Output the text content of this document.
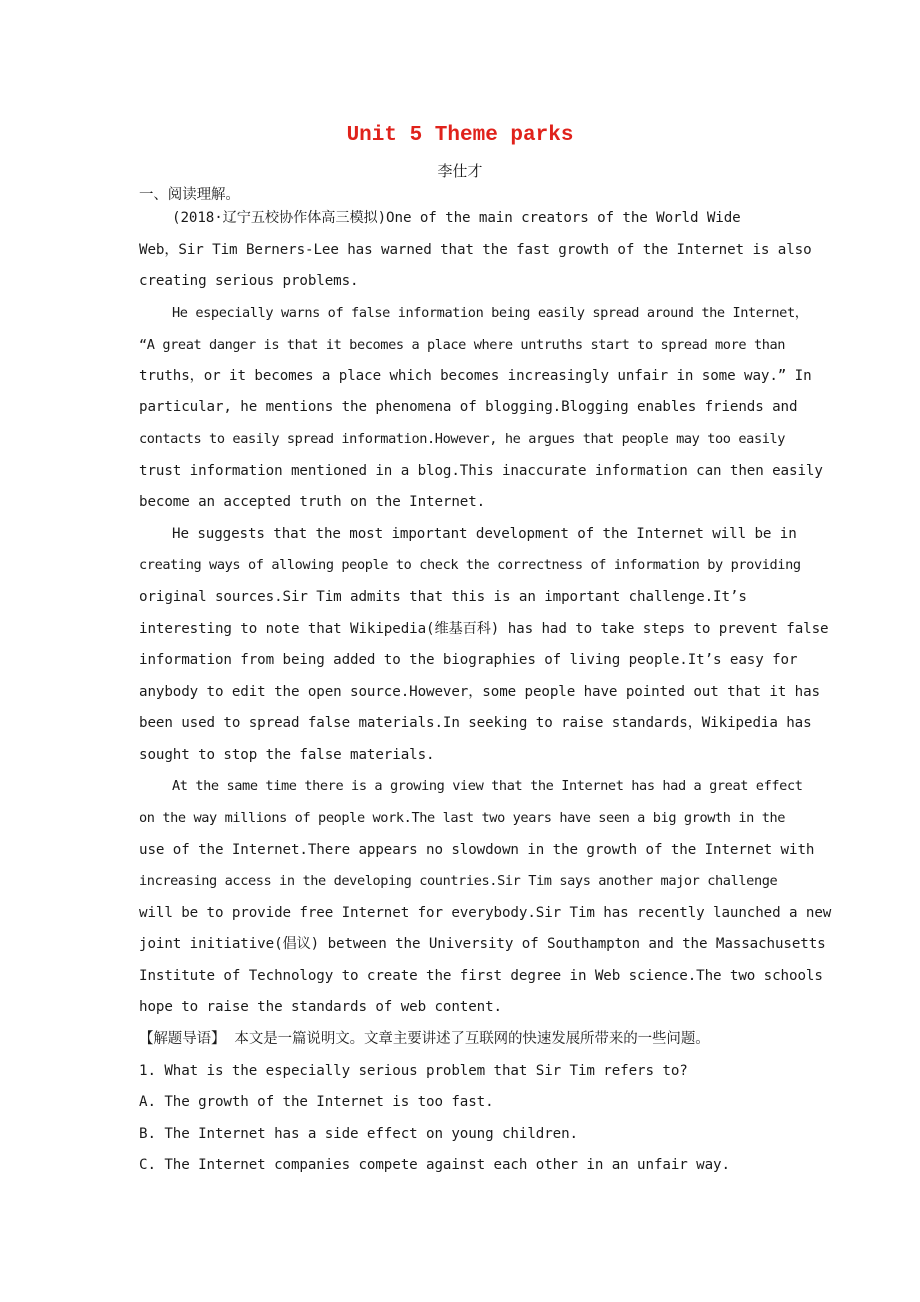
Unit 5 Theme parks
李仕才
一、阅读理解。
(2018·辽宁五校协作体高三模拟)One of the main creators of the World Wide
Web，Sir Tim Berners-Lee has warned that the fast growth of the Internet is also
creating serious problems.
He especially warns of false information being easily spread around the Internet，
“A great danger is that it becomes a place where untruths start to spread more than
truths，or it becomes a place which becomes increasingly unfair in some way.” In
particular, he mentions the phenomena of blogging.Blogging enables friends and
contacts to easily spread information.However, he argues that people may too easily
trust information mentioned in a blog.This inaccurate information can then easily
become an accepted truth on the Internet.
He suggests that the most important development of the Internet will be in
creating ways of allowing people to check the correctness of information by providing
original sources.Sir Tim admits that this is an important challenge.It’s
interesting to note that Wikipedia(维基百科) has had to take steps to prevent false
information from being added to the biographies of living people.It’s easy for
anybody to edit the open source.However，some people have pointed out that it has
been used to spread false materials.In seeking to raise standards，Wikipedia has
sought to stop the false materials.
At the same time there is a growing view that the Internet has had a great effect
on the way millions of people work.The last two years have seen a big growth in the
use of the Internet.There appears no slowdown in the growth of the Internet with
increasing access in the developing countries.Sir Tim says another major challenge
will be to provide free Internet for everybody.Sir Tim has recently launched a new
joint initiative(倡议) between the University of Southampton and the Massachusetts
Institute of Technology to create the first degree in Web science.The two schools
hope to raise the standards of web content.
【解题导语】  本文是一篇说明文。文章主要讲述了互联网的快速发展所带来的一些问题。
1. What is the especially serious problem that Sir Tim refers to?
A. The growth of the Internet is too fast.
B. The Internet has a side effect on young children.
C. The Internet companies compete against each other in an unfair way.
